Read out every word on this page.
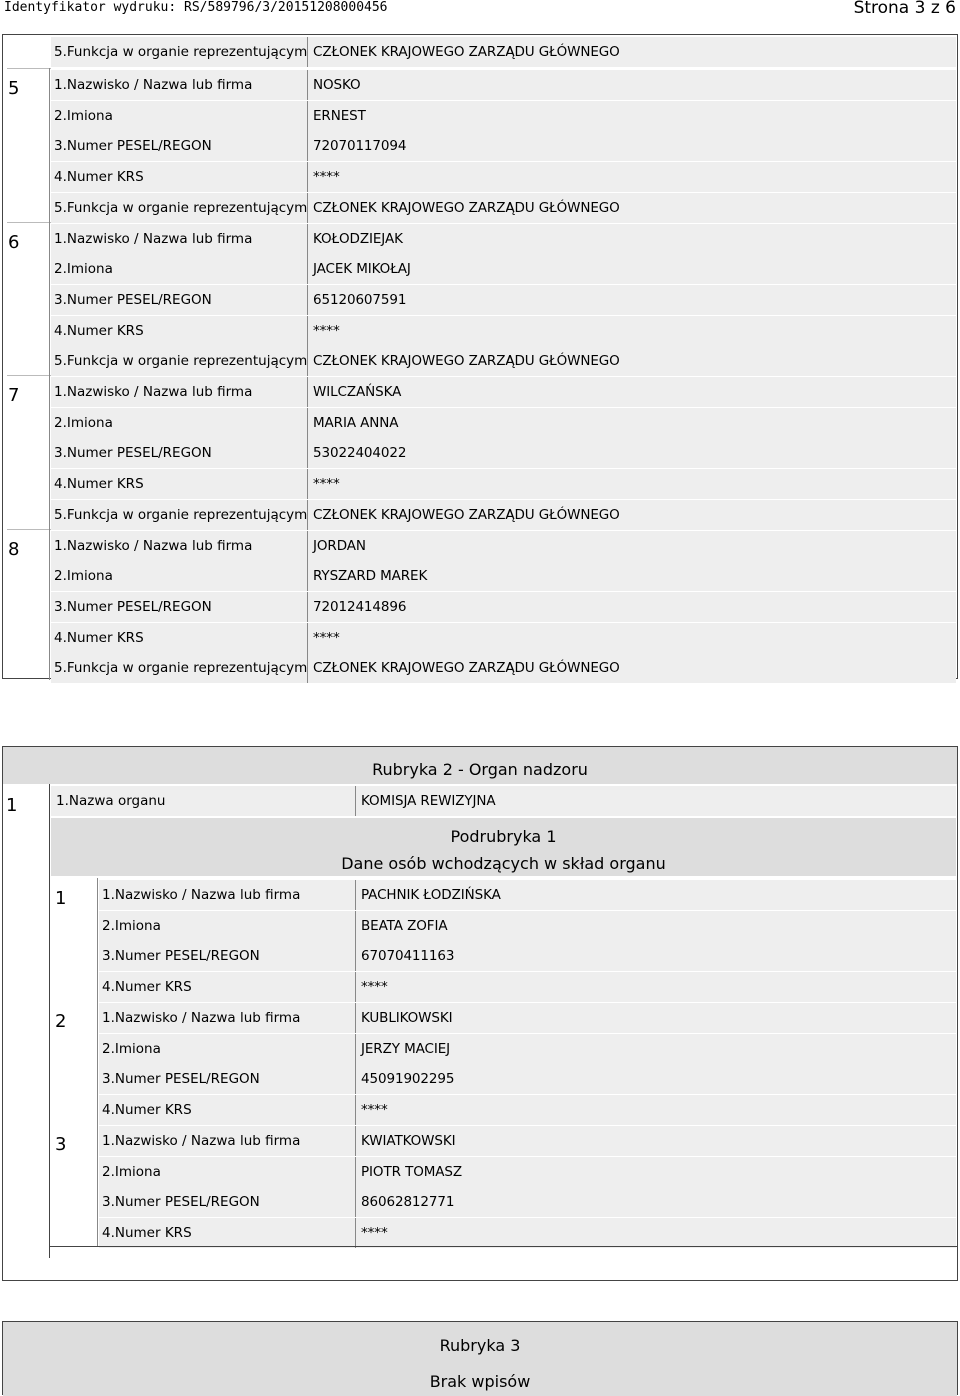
Identyfikator wydruku: RS/589796/3/20151208000456	Strona 3 z 6
5.Funkcja w organie reprezentującym CZŁONEK KRAJOWEGO ZARZĄDU GŁÓWNEGO
5	1.Nazwisko / Nazwa lub firma	NOSKO
2.Imiona	ERNEST
3.Numer PESEL/REGON	72070117094
4.Numer KRS	****
5.Funkcja w organie reprezentującym CZŁONEK KRAJOWEGO ZARZĄDU GŁÓWNEGO
6	1.Nazwisko / Nazwa lub firma	KOŁODZIEJAK
2.Imiona	JACEK MIKOŁAJ
3.Numer PESEL/REGON	65120607591
4.Numer KRS	****
5.Funkcja w organie reprezentującym CZŁONEK KRAJOWEGO ZARZĄDU GŁÓWNEGO
7	1.Nazwisko / Nazwa lub firma	WILCZAŃSKA
2.Imiona	MARIA ANNA
3.Numer PESEL/REGON	53022404022
4.Numer KRS	****
5.Funkcja w organie reprezentującym CZŁONEK KRAJOWEGO ZARZĄDU GŁÓWNEGO
8	1.Nazwisko / Nazwa lub firma	JORDAN
2.Imiona	RYSZARD MAREK
3.Numer PESEL/REGON	72012414896
4.Numer KRS	****
5.Funkcja w organie reprezentującym CZŁONEK KRAJOWEGO ZARZĄDU GŁÓWNEGO
Rubryka 2 - Organ nadzoru
1	1.Nazwa organu	KOMISJA REWIZYJNA
Podrubryka 1
Dane osób wchodzących w skład organu
1	1.Nazwisko / Nazwa lub firma	PACHNIK ŁODZIŃSKA
2.Imiona	BEATA ZOFIA
3.Numer PESEL/REGON	67070411163
4.Numer KRS	****
2	1.Nazwisko / Nazwa lub firma	KUBLIKOWSKI
2.Imiona	JERZY MACIEJ
3.Numer PESEL/REGON	45091902295
4.Numer KRS	****
3	1.Nazwisko / Nazwa lub firma	KWIATKOWSKI
2.Imiona	PIOTR TOMASZ
3.Numer PESEL/REGON	86062812771
4.Numer KRS	****
Rubryka 3
Brak wpisów
